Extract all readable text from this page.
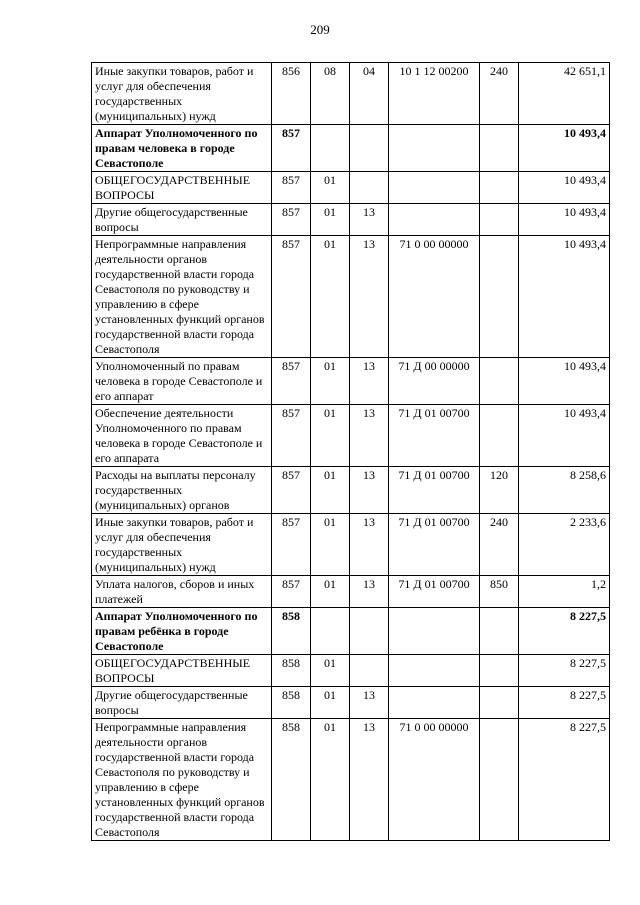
209
Иные закупки товаров, работ и услуг для обеспечения государственных (муниципальных) нужд	856	08	04	10 1 12 00200	240	42 651,1
Аппарат Уполномоченного по правам человека в городе Севастополе	857					10 493,4
ОБЩЕГОСУДАРСТВЕННЫЕ ВОПРОСЫ	857	01				10 493,4
Другие общегосударственные вопросы	857	01	13			10 493,4
Непрограммные направления деятельности органов государственной власти города Севастополя по руководству и управлению в сфере установленных функций органов государственной власти города Севастополя	857	01	13	71 0 00 00000		10 493,4
Уполномоченный по правам человека в городе Севастополе и его аппарат	857	01	13	71 Д 00 00000		10 493,4
Обеспечение деятельности Уполномоченного по правам человека в городе Севастополе и его аппарата	857	01	13	71 Д 01 00700		10 493,4
Расходы на выплаты персоналу государственных (муниципальных) органов	857	01	13	71 Д 01 00700	120	8 258,6
Иные закупки товаров, работ и услуг для обеспечения государственных (муниципальных) нужд	857	01	13	71 Д 01 00700	240	2 233,6
Уплата налогов, сборов и иных платежей	857	01	13	71 Д 01 00700	850	1,2
Аппарат Уполномоченного по правам ребёнка в городе Севастополе	858					8 227,5
ОБЩЕГОСУДАРСТВЕННЫЕ ВОПРОСЫ	858	01				8 227,5
Другие общегосударственные вопросы	858	01	13			8 227,5
Непрограммные направления деятельности органов государственной власти города Севастополя по руководству и управлению в сфере установленных функций органов государственной власти города Севастополя	858	01	13	71 0 00 00000		8 227,5
